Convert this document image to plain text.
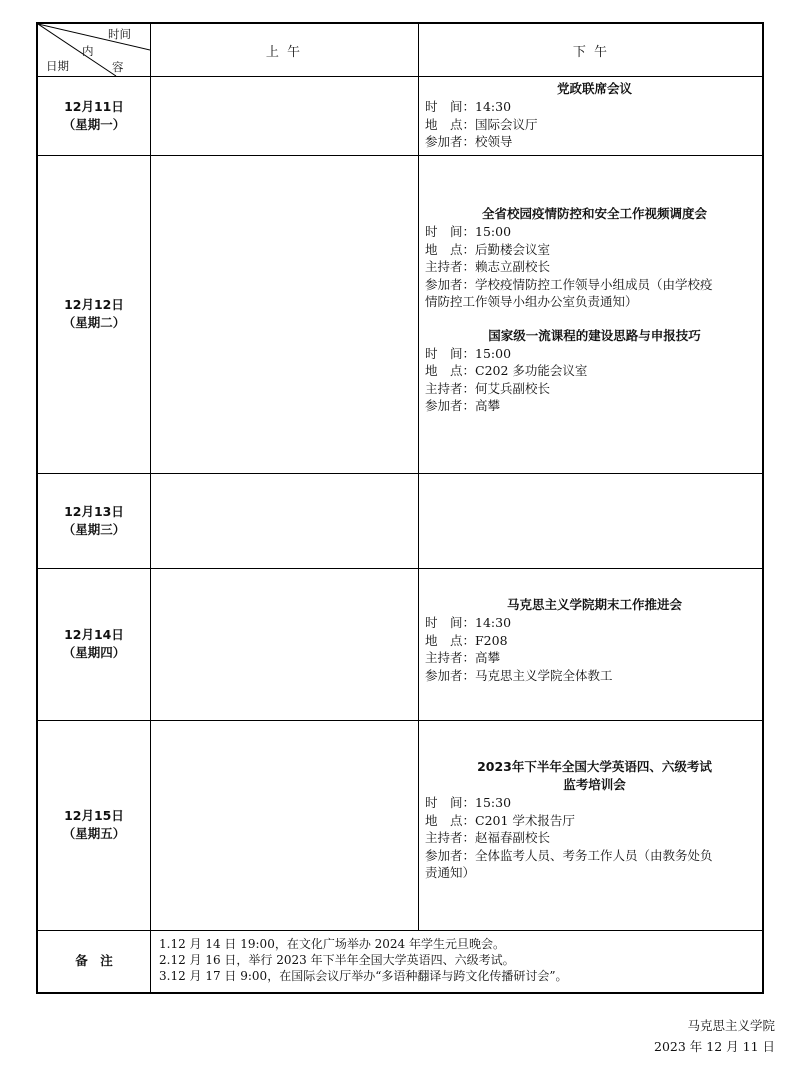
时间
内
容
日期
上 午	下 午
12月11日
（星期一）
12月12日
（星期二）
12月13日
（星期三）
12月14日
（星期四）
12月15日
（星期五）
党政联席会议
时　间：14:30
地　点：国际会议厅
参加者：校领导
全省校园疫情防控和安全工作视频调度会
时　间：15:00
地　点：后勤楼会议室
主持者：赖志立副校长
参加者：学校疫情防控工作领导小组成员（由学校疫
情防控工作领导小组办公室负责通知）
国家级一流课程的建设思路与申报技巧
时　间：15:00
地　点：C202 多功能会议室
主持者：何艾兵副校长
参加者：高攀
马克思主义学院期末工作推进会
时　间：14:30
地　点：F208
主持者：高攀
参加者：马克思主义学院全体教工
2023年下半年全国大学英语四、六级考试
监考培训会
时　间：15:30
地　点：C201 学术报告厅
主持者：赵福春副校长
参加者：全体监考人员、考务工作人员（由教务处负
责通知）
备　注
1.12 月 14 日 19:00，在文化广场举办 2024 年学生元旦晚会。
2.12 月 16 日，举行 2023 年下半年全国大学英语四、六级考试。
3.12 月 17 日 9:00，在国际会议厅举办“多语种翻译与跨文化传播研讨会”。
马克思主义学院
2023 年 12 月 11 日
